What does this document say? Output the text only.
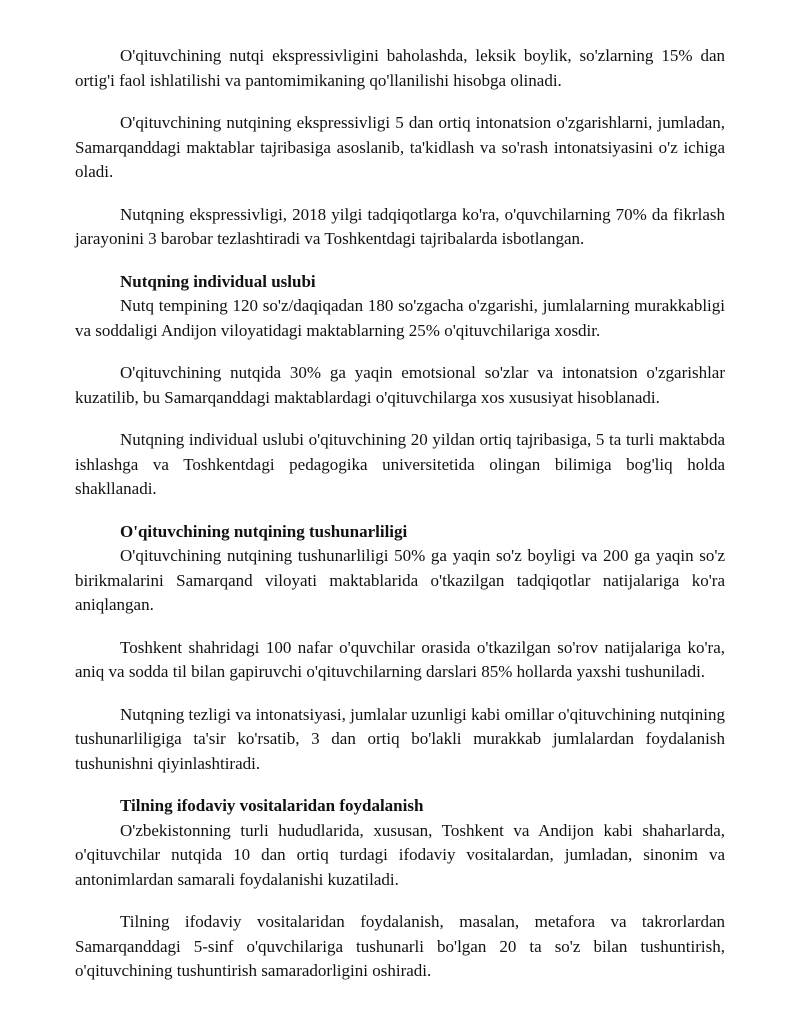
O'qituvchining nutqi ekspressivligini baholashda, leksik boylik, so'zlarning 15% dan ortig'i faol ishlatilishi va pantomimikaning qo'llanilishi hisobga olinadi.

O'qituvchining nutqining ekspressivligi 5 dan ortiq intonatsion o'zgarishlarni, jumladan, Samarqanddagi maktablar tajribasiga asoslanib, ta'kidlash va so'rash intonatsiyasini o'z ichiga oladi.

Nutqning ekspressivligi, 2018 yilgi tadqiqotlarga ko'ra, o'quvchilarning 70% da fikrlash jarayonini 3 barobar tezlashtiradi va Toshkentdagi tajribalarda isbotlangan.

Nutqning individual uslubi

Nutq tempining 120 so'z/daqiqadan 180 so'zgacha o'zgarishi, jumlalarning murakkabligi va soddaligi Andijon viloyatidagi maktablarning 25% o'qituvchilariga xosdir.

O'qituvchining nutqida 30% ga yaqin emotsional so'zlar va intonatsion o'zgarishlar kuzatilib, bu Samarqanddagi maktablardagi o'qituvchilarga xos xususiyat hisoblanadi.

Nutqning individual uslubi o'qituvchining 20 yildan ortiq tajribasiga, 5 ta turli maktabda ishlashga va Toshkentdagi pedagogika universitetida olingan bilimiga bog'liq holda shakllanadi.

O'qituvchining nutqining tushunarliligi

O'qituvchining nutqining tushunarliligi 50% ga yaqin so'z boyligi va 200 ga yaqin so'z birikmalarini Samarqand viloyati maktablarida o'tkazilgan tadqiqotlar natijalariga ko'ra aniqlangan.

Toshkent shahridagi 100 nafar o'quvchilar orasida o'tkazilgan so'rov natijalariga ko'ra, aniq va sodda til bilan gapiruvchi o'qituvchilarning darslari 85% hollarda yaxshi tushuniladi.

Nutqning tezligi va intonatsiyasi, jumlalar uzunligi kabi omillar o'qituvchining nutqining tushunarliligiga ta'sir ko'rsatib, 3 dan ortiq bo'lakli murakkab jumlalardan foydalanish tushunishni qiyinlashtiradi.

Tilning ifodaviy vositalaridan foydalanish

O'zbekistonning turli hududlarida, xususan, Toshkent va Andijon kabi shaharlarda, o'qituvchilar nutqida 10 dan ortiq turdagi ifodaviy vositalardan, jumladan, sinonim va antonimlardan samarali foydalanishi kuzatiladi.

Tilning ifodaviy vositalaridan foydalanish, masalan, metafora va takrorlardan Samarqanddagi 5-sinf o'quvchilariga tushunarli bo'lgan 20 ta so'z bilan tushuntirish, o'qituvchining tushuntirish samaradorligini oshiradi.
